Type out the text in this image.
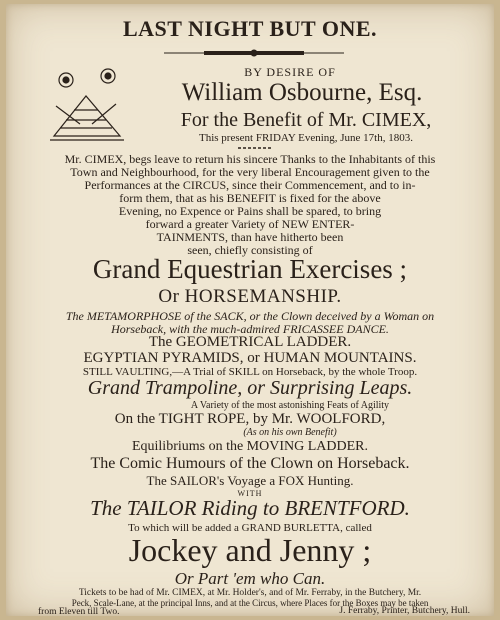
LAST NIGHT BUT ONE.
BY DESIRE OF
William Osbourne, Esq.
For the Benefit of Mr. CIMEX,
This present FRIDAY Evening, June 17th, 1803.
Mr. CIMEX, begs leave to return his sincere Thanks to the Inhabitants of this
Town and Neighbourhood, for the very liberal Encouragement given to the
Performances at the CIRCUS, since their Commencement, and to in-
form them, that as his BENEFIT is fixed for the above
Evening, no Expence or Pains shall be spared, to bring
forward a greater Variety of NEW ENTER-
TAINMENTS, than have hitherto been
seen, chiefly consisting of
Grand Equestrian Exercises ;
Or HORSEMANSHIP.
The METAMORPHOSE of the SACK, or the Clown deceived by a Woman on
Horseback, with the much-admired FRICASSEE DANCE.
The GEOMETRICAL LADDER.
EGYPTIAN PYRAMIDS, or HUMAN MOUNTAINS.
STILL VAULTING,—A Trial of SKILL on Horseback, by the whole Troop.
Grand Trampoline, or Surprising Leaps.
A Variety of the most astonishing Feats of Agility
On the TIGHT ROPE, by Mr. WOOLFORD,
(As on his own Benefit)
Equilibriums on the MOVING LADDER.
The Comic Humours of the Clown on Horseback.
The SAILOR's Voyage a FOX Hunting.
WITH
The TAILOR Riding to BRENTFORD.
To which will be added a GRAND BURLETTA, called
Jockey and Jenny ;
Or Part 'em who Can.
Tickets to be had of Mr. CIMEX, at Mr. Holder's, and of Mr. Ferraby, in the Butchery, Mr.
Peck, Scale-Lane, at the principal Inns, and at the Circus, where Places for the Boxes may be taken
from Eleven till Two.	J. Ferraby, Printer, Butchery, Hull.
